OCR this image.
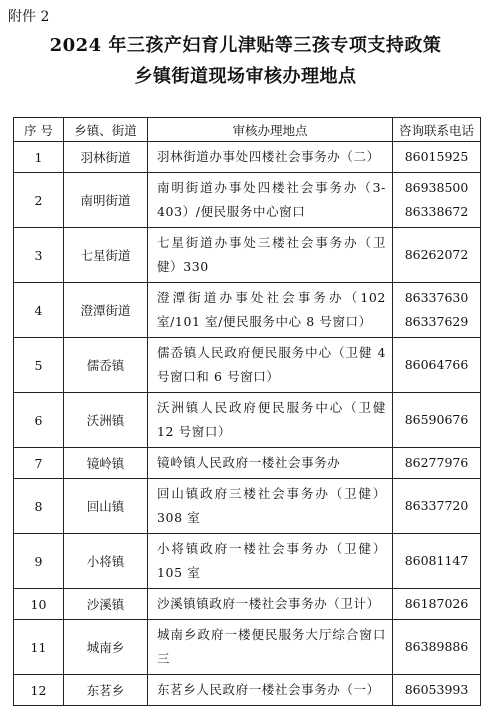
附件 2
2024 年三孩产妇育儿津贴等三孩专项支持政策
乡镇街道现场审核办理地点
序 号	乡镇、街道	审核办理地点	咨询联系电话
1	羽林街道	羽林街道办事处四楼社会事务办（二）	86015925

2	南明街道	南明街道办事处四楼社会事务办（3-403）/便民服务中心窗口	86938500
86338672

3	七星街道	七星街道办事处三楼社会事务办（卫健）330	86262072

4	澄潭街道	澄潭街道办事处社会事务办（102 室/101 室/便民服务中心 8 号窗口）	86337630
86337629

5	儒岙镇	儒岙镇人民政府便民服务中心（卫健 4 号窗口和 6 号窗口）	86064766

6	沃洲镇	沃洲镇人民政府便民服务中心（卫健 12 号窗口）	86590676

7	镜岭镇	镜岭镇人民政府一楼社会事务办	86277976

8	回山镇	回山镇政府三楼社会事务办（卫健）308 室	86337720

9	小将镇	小将镇政府一楼社会事务办（卫健）105 室	86081147

10	沙溪镇	沙溪镇镇政府一楼社会事务办（卫计）	86187026

11	城南乡	城南乡政府一楼便民服务大厅综合窗口三	86389886

12	东茗乡	东茗乡人民政府一楼社会事务办（一）	86053993
